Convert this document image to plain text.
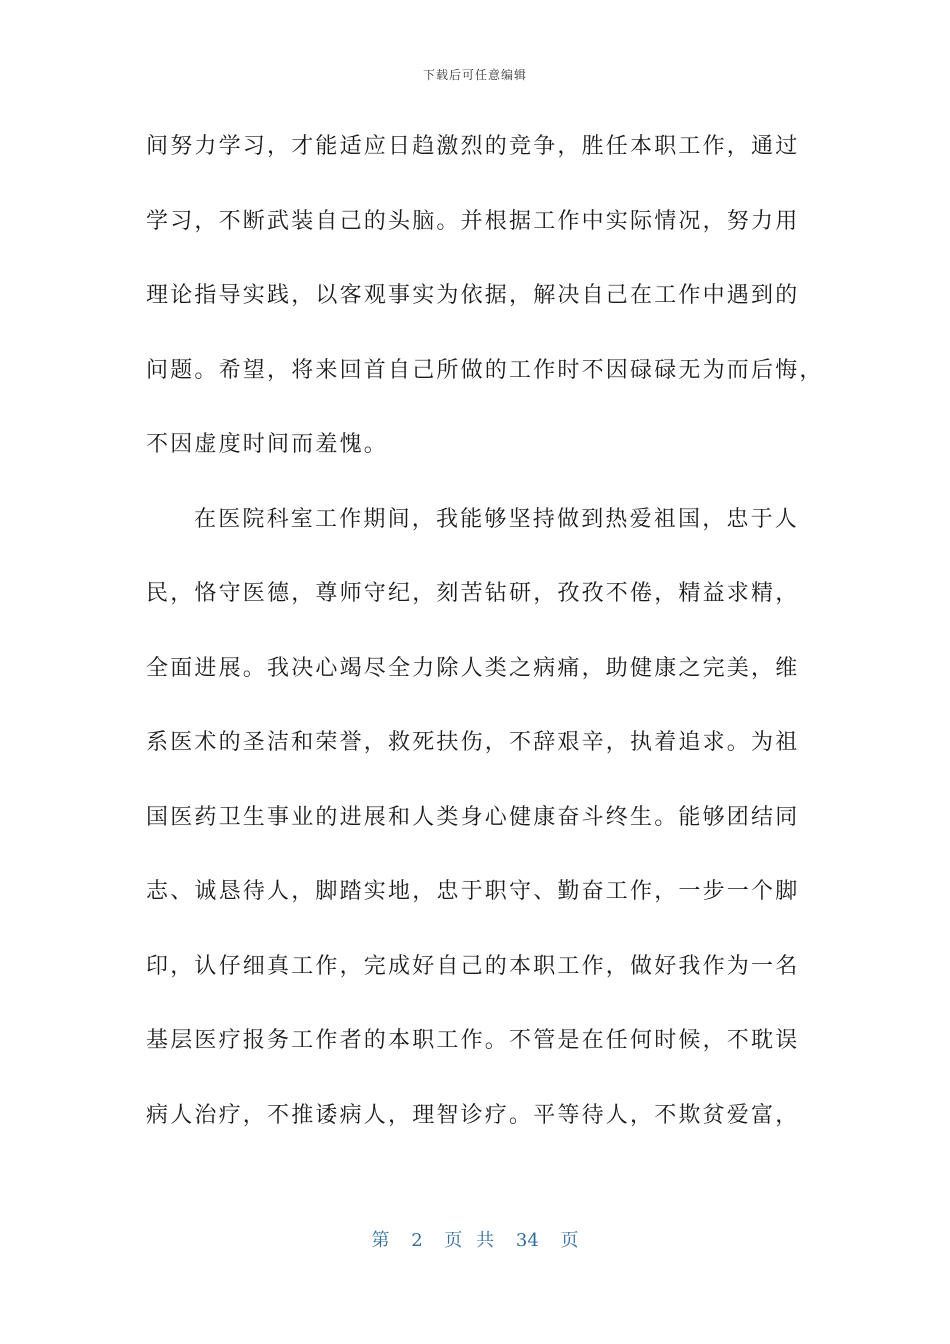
下载后可任意编辑
间努力学习，才能适应日趋激烈的竞争，胜任本职工作，通过
学习，不断武装自己的头脑。并根据工作中实际情况，努力用
理论指导实践，以客观事实为依据，解决自己在工作中遇到的
问题。希望，将来回首自己所做的工作时不因碌碌无为而后悔，
不因虚度时间而羞愧。
在医院科室工作期间，我能够坚持做到热爱祖国，忠于人
民，恪守医德，尊师守纪，刻苦钻研，孜孜不倦，精益求精，
全面进展。我决心竭尽全力除人类之病痛，助健康之完美，维
系医术的圣洁和荣誉，救死扶伤，不辞艰辛，执着追求。为祖
国医药卫生事业的进展和人类身心健康奋斗终生。能够团结同
志、诚恳待人，脚踏实地，忠于职守、勤奋工作，一步一个脚
印，认仔细真工作，完成好自己的本职工作，做好我作为一名
基层医疗报务工作者的本职工作。不管是在任何时候，不耽误
病人治疗，不推诿病人，理智诊疗。平等待人，不欺贫爱富，
第 2 页 共 34 页
